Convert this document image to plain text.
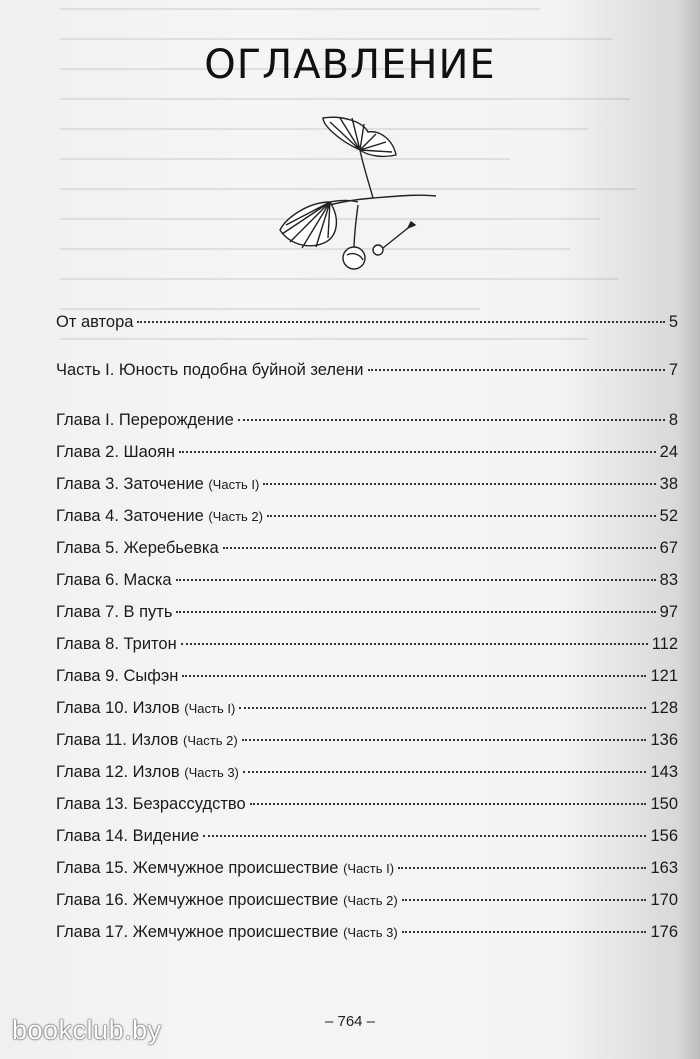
ОГЛАВЛЕНИЕ
От автора	5
Часть I. Юность подобна буйной зелени	7
Глава I. Перерождение	8
Глава 2. Шаоян	24
Глава 3. Заточение (Часть I)	38
Глава 4. Заточение (Часть 2)	52
Глава 5. Жеребьевка	67
Глава 6. Маска	83
Глава 7. В путь	97
Глава 8. Тритон	112
Глава 9. Сыфэн	121
Глава 10. Излов (Часть I)	128
Глава 11. Излов (Часть 2)	136
Глава 12. Излов (Часть 3)	143
Глава 13. Безрассудство	150
Глава 14. Видение	156
Глава 15. Жемчужное происшествие (Часть I)	163
Глава 16. Жемчужное происшествие (Часть 2)	170
Глава 17. Жемчужное происшествие (Часть 3)	176
– 764 –
bookclub.by
